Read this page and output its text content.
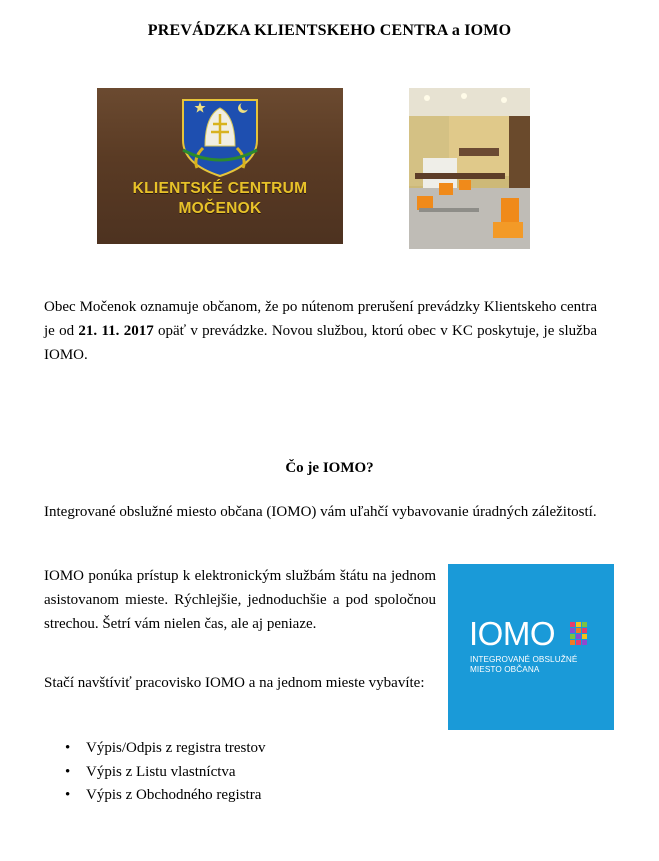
PREVÁDZKA KLIENTSKEHO CENTRA a IOMO
KLIENTSKÉ CENTRUM
MOČENOK
Obec Močenok oznamuje občanom, že po nútenom prerušení prevádzky Klientskeho centra je od 21. 11. 2017 opäť v prevádzke. Novou službou, ktorú obec v KC poskytuje, je služba IOMO.
Čo je IOMO?
Integrované obslužné miesto občana (IOMO) vám uľahčí vybavovanie úradných záležitostí.
IOMO ponúka prístup k elektronickým službám štátu na jednom asistovanom mieste. Rýchlejšie, jednoduchšie a pod spoločnou strechou. Šetrí vám nielen čas, ale aj peniaze.
Stačí navštíviť pracovisko IOMO a na jednom mieste vybavíte:
IOMO
INTEGROVANÉ OBSLUŽNÉ
MIESTO OBČANA
•	Výpis/Odpis z registra trestov
•	Výpis z Listu vlastníctva
•	Výpis z Obchodného registra
